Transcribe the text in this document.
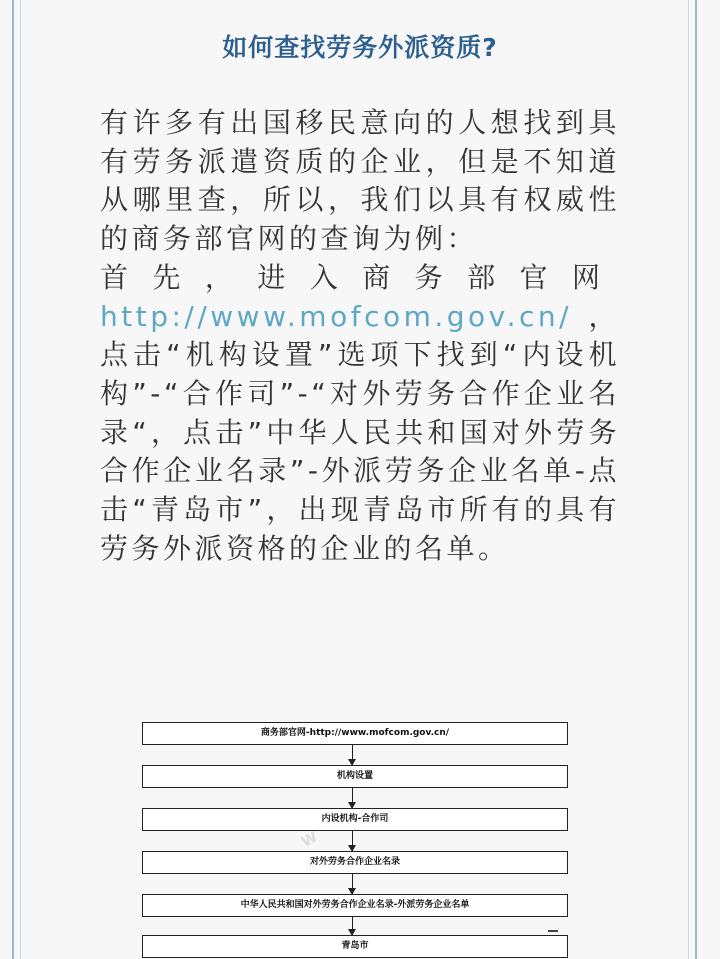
如何查找劳务外派资质?

有许多有出国移民意向的人想找到具有劳务派遣资质的企业，但是不知道从哪里查，所以，我们以具有权威性的商务部官网的查询为例：

首先，进入商务部官网http://www.mofcom.gov.cn/，点击“机构设置”选项下找到“内设机构”-“合作司”-“对外劳务合作企业名录“，点击”中华人民共和国对外劳务合作企业名录”-外派劳务企业名单-点击“青岛市”，出现青岛市所有的具有劳务外派资格的企业的名单。

商务部官网-http://www.mofcom.gov.cn/
机构设置
内设机构-合作司
对外劳务合作企业名录
中华人民共和国对外劳务合作企业名录-外派劳务企业名单
青岛市
W
